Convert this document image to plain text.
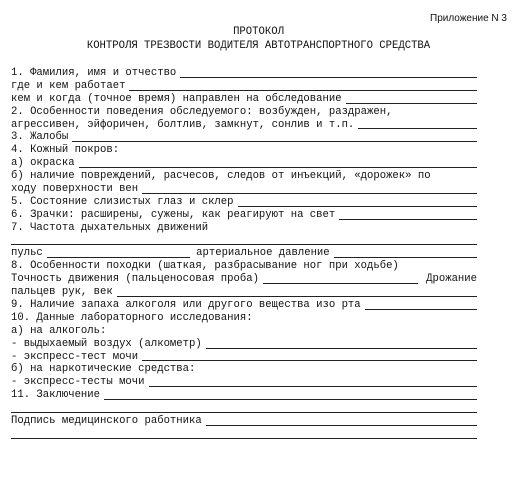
Приложение N 3
ПРОТОКОЛ
КОНТРОЛЯ ТРЕЗВОСТИ ВОДИТЕЛЯ АВТОТРАНСПОРТНОГО СРЕДСТВА
1. Фамилия, имя и отчество
где и кем работает
кем и когда (точное время) направлен на обследование
2. Особенности поведения обследуемого: возбужден, раздражен,
агрессивен, эйфоричен, болтлив, замкнут, сонлив и т.п.
3. Жалобы
4. Кожный покров:
а) окраска
б) наличие повреждений, расчесов, следов от инъекций, «дорожек» по
ходу поверхности вен
5. Состояние слизистых глаз и склер
6. Зрачки: расширены, сужены, как реагируют на свет
7. Частота дыхательных движений
пульс	артериальное давление
8. Особенности походки (шаткая, разбрасывание ног при ходьбе)
Точность движения (пальценосовая проба)	Дрожание
пальцев рук, век
9. Наличие запаха алкоголя или другого вещества изо рта
10. Данные лабораторного исследования:
а) на алкоголь:
- выдыхаемый воздух (алкометр)
- экспресс-тест мочи
б) на наркотические средства:
- экспресс-тесты мочи
11. Заключение
Подпись медицинского работника
